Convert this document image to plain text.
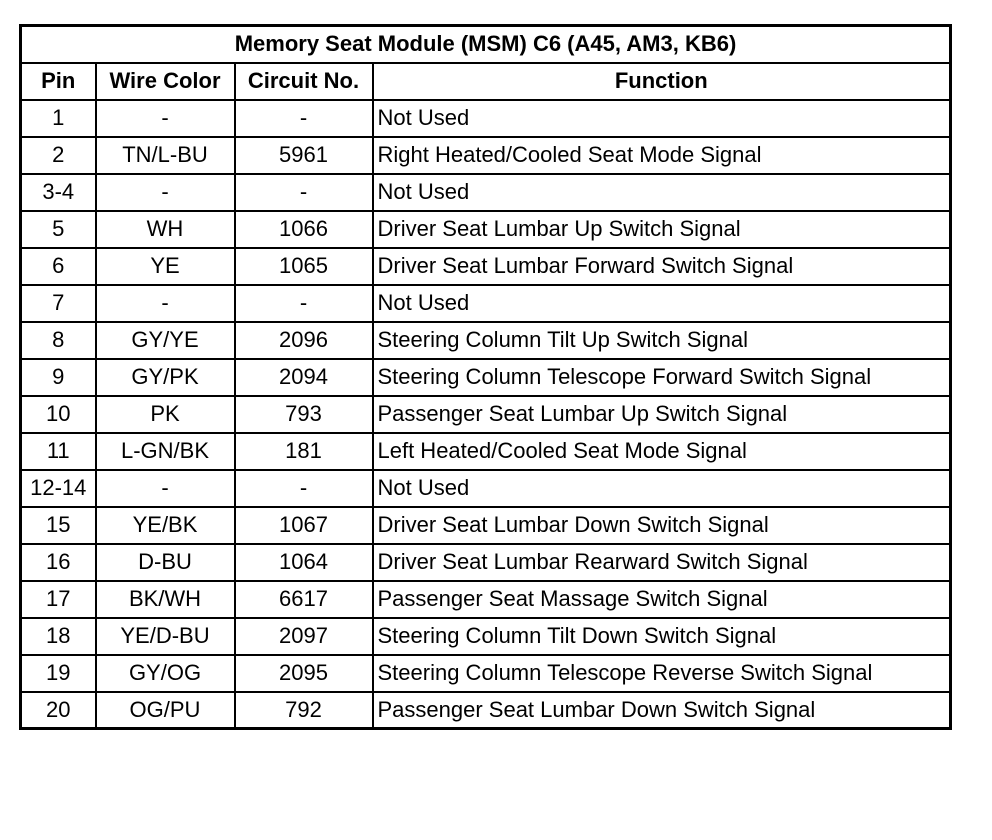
Memory Seat Module (MSM) C6 (A45, AM3, KB6)			
Pin	Wire Color	Circuit No.	Function
1	-	-	Not Used
2	TN/L-BU	5961	Right Heated/Cooled Seat Mode Signal
3-4	-	-	Not Used
5	WH	1066	Driver Seat Lumbar Up Switch Signal
6	YE	1065	Driver Seat Lumbar Forward Switch Signal
7	-	-	Not Used
8	GY/YE	2096	Steering Column Tilt Up Switch Signal
9	GY/PK	2094	Steering Column Telescope Forward Switch Signal
10	PK	793	Passenger Seat Lumbar Up Switch Signal
11	L-GN/BK	181	Left Heated/Cooled Seat Mode Signal
12-14	-	-	Not Used
15	YE/BK	1067	Driver Seat Lumbar Down Switch Signal
16	D-BU	1064	Driver Seat Lumbar Rearward Switch Signal
17	BK/WH	6617	Passenger Seat Massage Switch Signal
18	YE/D-BU	2097	Steering Column Tilt Down Switch Signal
19	GY/OG	2095	Steering Column Telescope Reverse Switch Signal
20	OG/PU	792	Passenger Seat Lumbar Down Switch Signal
